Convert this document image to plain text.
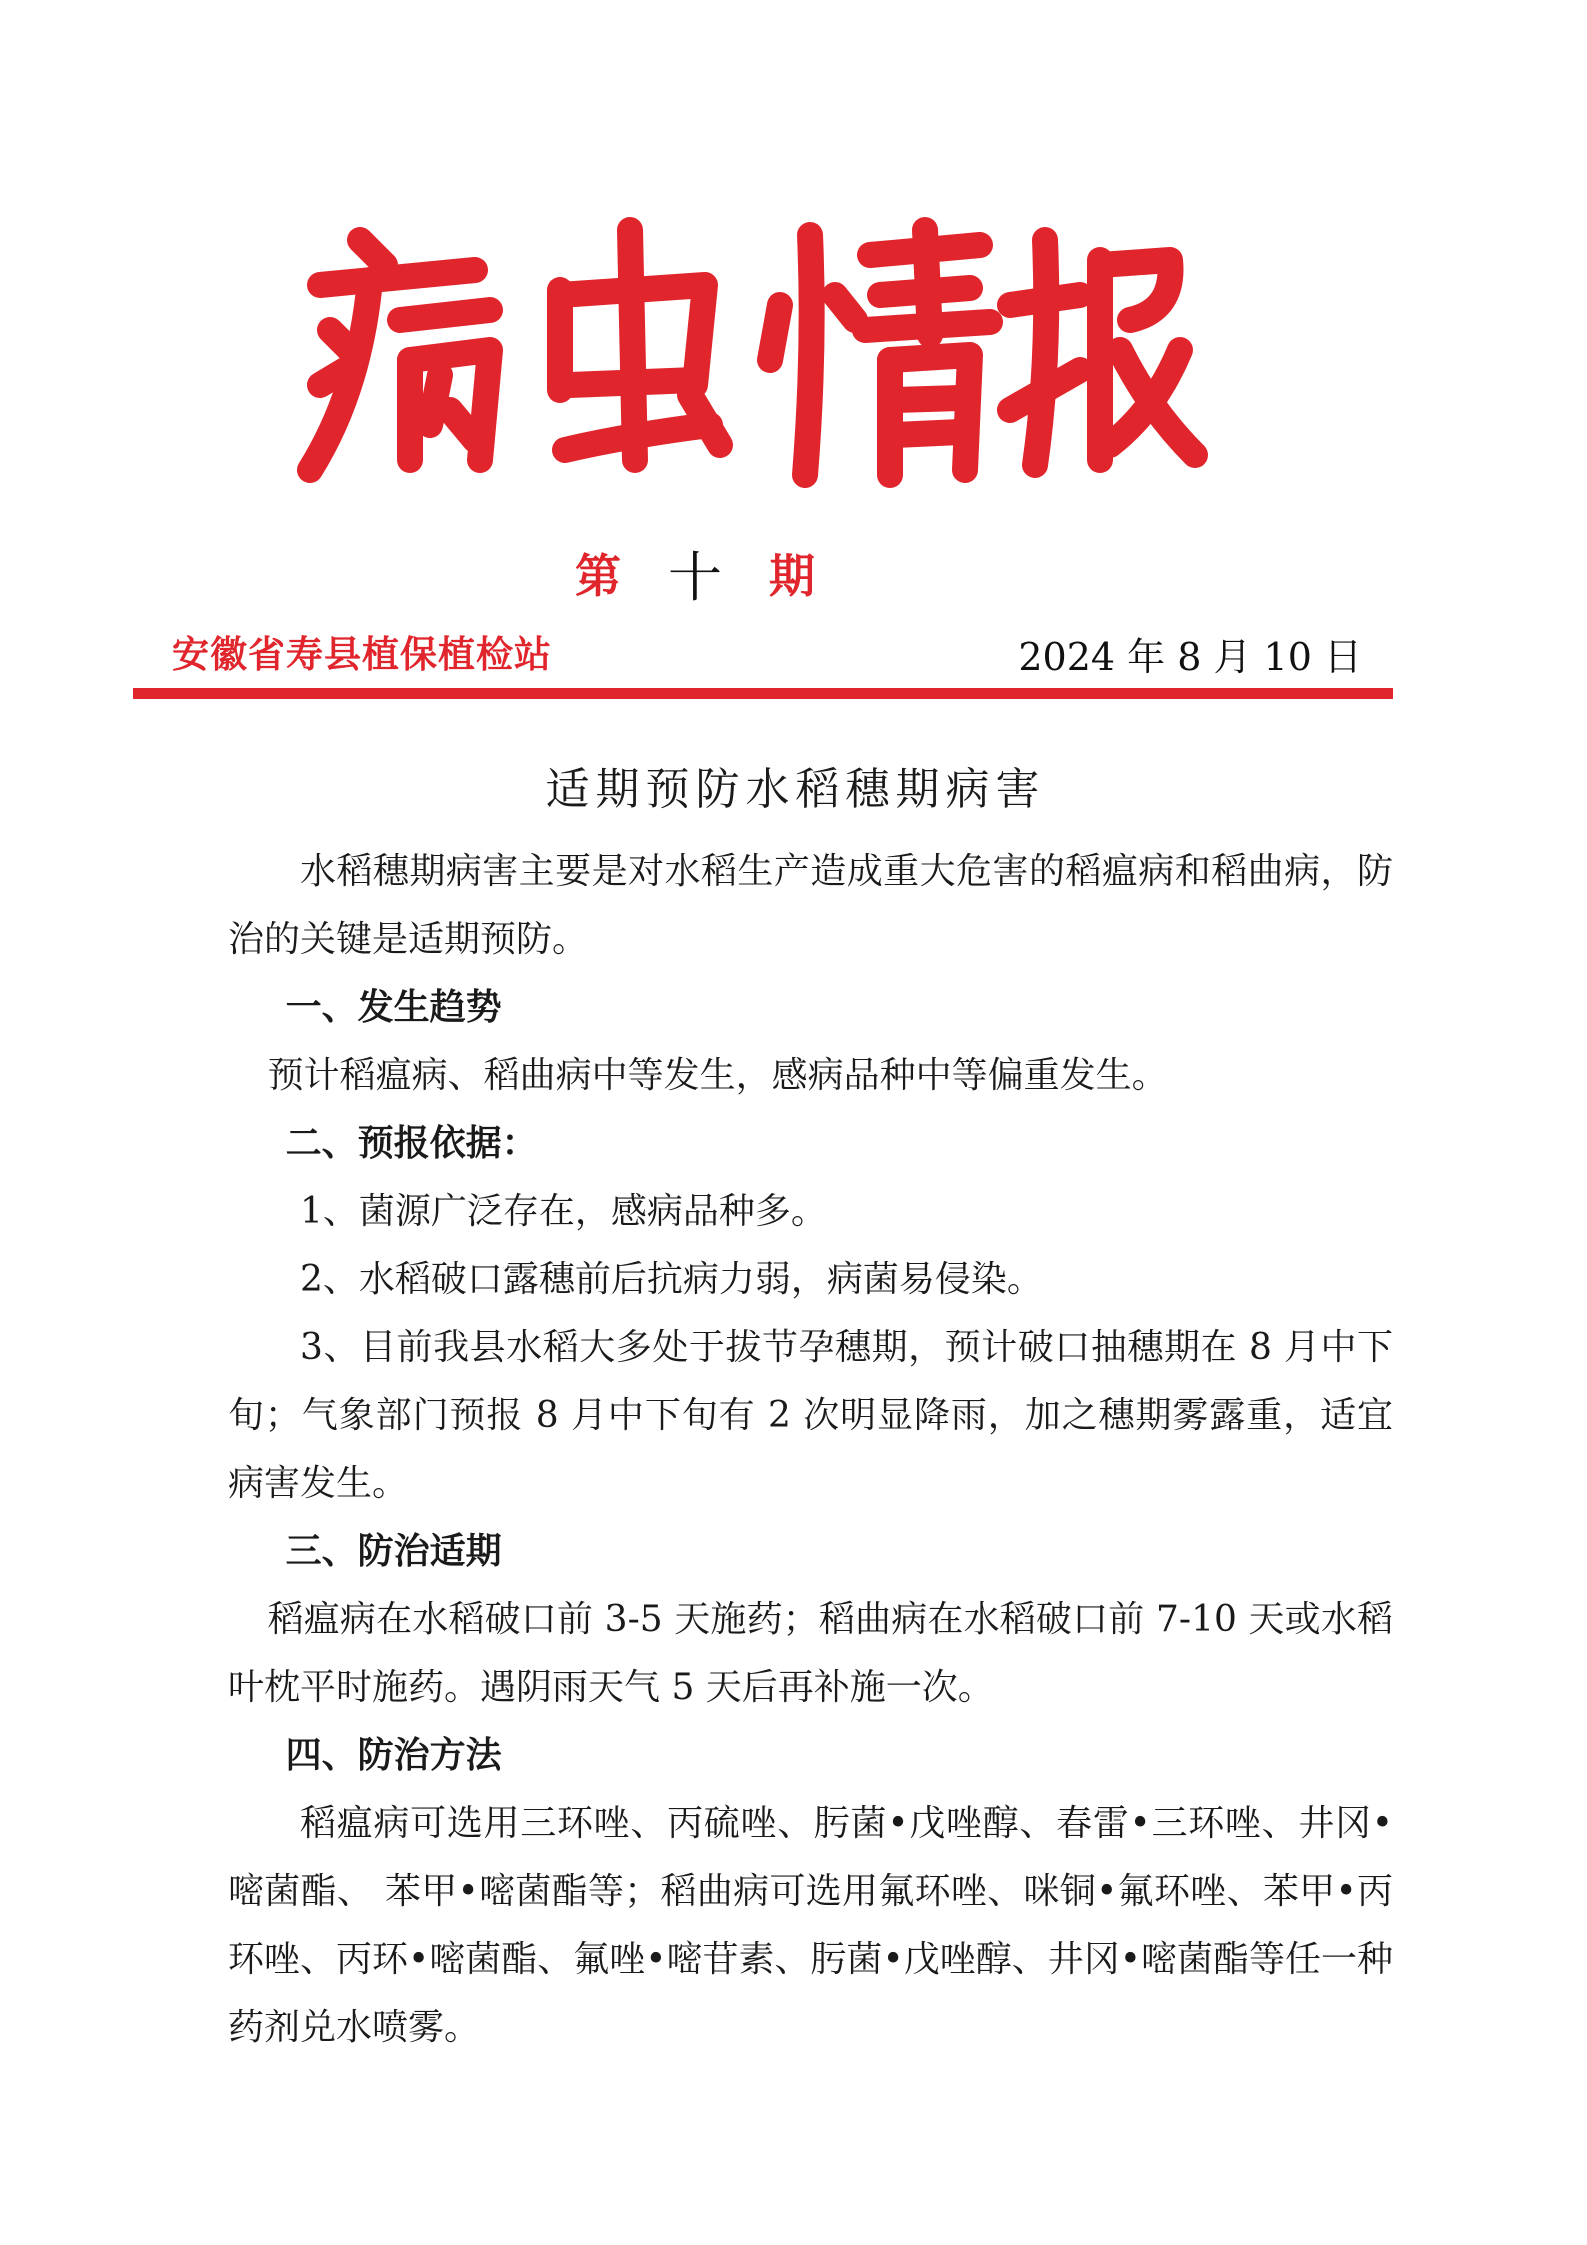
第 十 期
安徽省寿县植保植检站	2024 年 8 月 10 日
适期预防水稻穗期病害

水稻穗期病害主要是对水稻生产造成重大危害的稻瘟病和稻曲病，防治的关键是适期预防。

一、发生趋势

预计稻瘟病、稻曲病中等发生，感病品种中等偏重发生。

二、预报依据：

1、菌源广泛存在，感病品种多。

2、水稻破口露穗前后抗病力弱，病菌易侵染。

3、目前我县水稻大多处于拔节孕穗期，预计破口抽穗期在 8 月中下旬；气象部门预报 8 月中下旬有 2 次明显降雨，加之穗期雾露重，适宜病害发生。

三、防治适期

稻瘟病在水稻破口前 3-5 天施药；稻曲病在水稻破口前 7-10 天或水稻叶枕平时施药。遇阴雨天气 5 天后再补施一次。

四、防治方法

稻瘟病可选用三环唑、丙硫唑、肟菌•戊唑醇、春雷•三环唑、井冈•嘧菌酯、 苯甲•嘧菌酯等；稻曲病可选用氟环唑、咪铜•氟环唑、苯甲•丙环唑、丙环•嘧菌酯、氟唑•嘧苷素、肟菌•戊唑醇、井冈•嘧菌酯等任一种药剂兑水喷雾。
